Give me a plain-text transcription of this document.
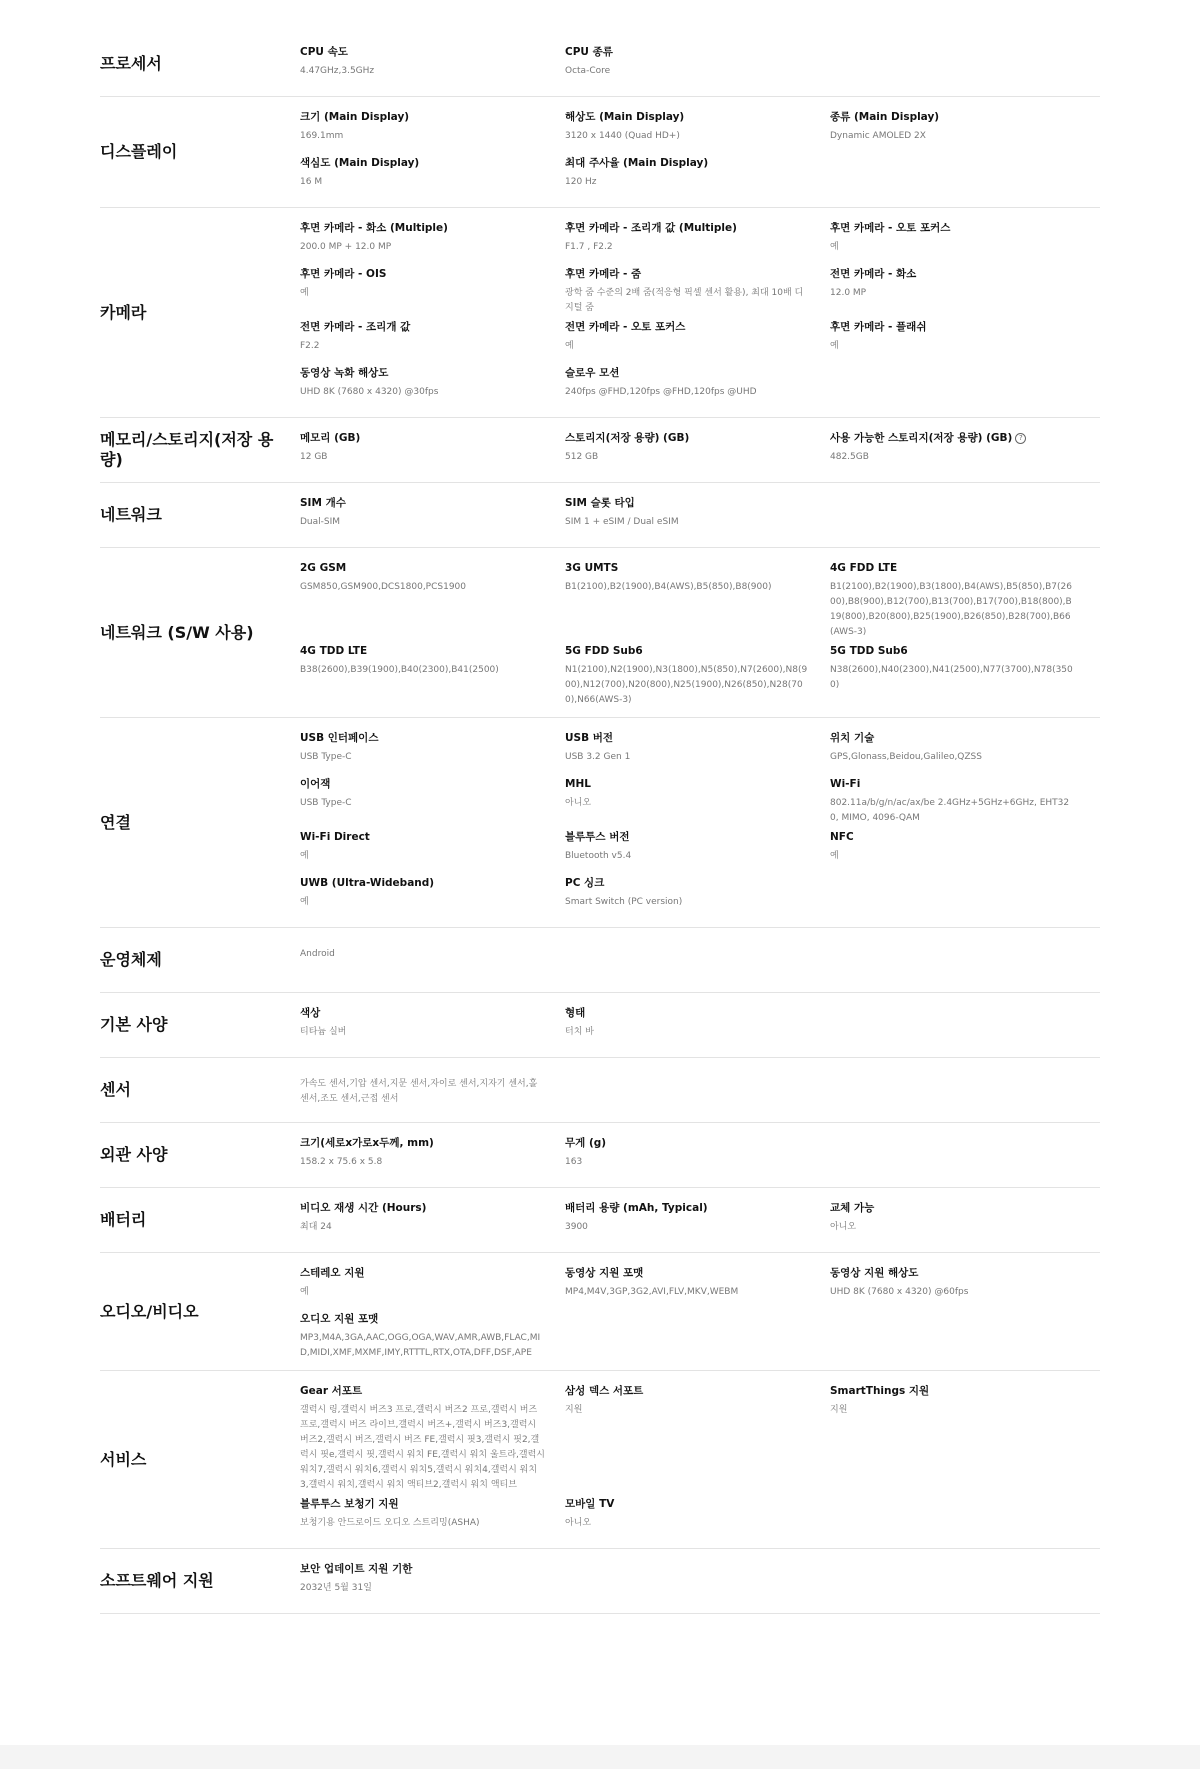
프로세서
CPU 속도
4.47GHz,3.5GHz
CPU 종류
Octa-Core
디스플레이
크기 (Main Display)
169.1mm
해상도 (Main Display)
3120 x 1440 (Quad HD+)
종류 (Main Display)
Dynamic AMOLED 2X
색심도 (Main Display)
16 M
최대 주사율 (Main Display)
120 Hz
카메라
후면 카메라 - 화소 (Multiple)
200.0 MP + 12.0 MP
후면 카메라 - 조리개 값 (Multiple)
F1.7 , F2.2
후면 카메라 - 오토 포커스
예
후면 카메라 - OIS
예
후면 카메라 - 줌
광학 줌 수준의 2배 줌(적응형 픽셀 센서 활용), 최대 10배 디지털 줌
전면 카메라 - 화소
12.0 MP
전면 카메라 - 조리개 값
F2.2
전면 카메라 - 오토 포커스
예
후면 카메라 - 플래쉬
예
동영상 녹화 해상도
UHD 8K (7680 x 4320) @30fps
슬로우 모션
240fps @FHD,120fps @FHD,120fps @UHD
메모리/스토리지(저장 용량)
메모리 (GB)
12 GB
스토리지(저장 용량) (GB)
512 GB
사용 가능한 스토리지(저장 용량) (GB) ?
482.5GB
네트워크
SIM 개수
Dual-SIM
SIM 슬롯 타입
SIM 1 + eSIM / Dual eSIM
네트워크 (S/W 사용)
2G GSM
GSM850,GSM900,DCS1800,PCS1900
3G UMTS
B1(2100),B2(1900),B4(AWS),B5(850),B8(900)
4G FDD LTE
B1(2100),B2(1900),B3(1800),B4(AWS),B5(850),B7(2600),B8(900),B12(700),B13(700),B17(700),B18(800),B19(800),B20(800),B25(1900),B26(850),B28(700),B66(AWS-3)
4G TDD LTE
B38(2600),B39(1900),B40(2300),B41(2500)
5G FDD Sub6
N1(2100),N2(1900),N3(1800),N5(850),N7(2600),N8(900),N12(700),N20(800),N25(1900),N26(850),N28(700),N66(AWS-3)
5G TDD Sub6
N38(2600),N40(2300),N41(2500),N77(3700),N78(3500)
연결
USB 인터페이스
USB Type-C
USB 버전
USB 3.2 Gen 1
위치 기술
GPS,Glonass,Beidou,Galileo,QZSS
이어잭
USB Type-C
MHL
아니오
Wi-Fi
802.11a/b/g/n/ac/ax/be 2.4GHz+5GHz+6GHz, EHT320, MIMO, 4096-QAM
Wi-Fi Direct
예
블루투스 버전
Bluetooth v5.4
NFC
예
UWB (Ultra-Wideband)
예
PC 싱크
Smart Switch (PC version)
운영체제	Android
기본 사양
색상
티타늄 실버
형태
터치 바
센서	가속도 센서,기압 센서,지문 센서,자이로 센서,지자기 센서,홀 센서,조도 센서,근접 센서
외관 사양
크기(세로x가로x두께, mm)
158.2 x 75.6 x 5.8
무게 (g)
163
배터리
비디오 재생 시간 (Hours)
최대 24
배터리 용량 (mAh, Typical)
3900
교체 가능
아니오
오디오/비디오
스테레오 지원
예
동영상 지원 포맷
MP4,M4V,3GP,3G2,AVI,FLV,MKV,WEBM
동영상 지원 해상도
UHD 8K (7680 x 4320) @60fps
오디오 지원 포맷
MP3,M4A,3GA,AAC,OGG,OGA,WAV,AMR,AWB,FLAC,MID,MIDI,XMF,MXMF,IMY,RTTTL,RTX,OTA,DFF,DSF,APE
서비스
Gear 서포트
갤럭시 링,갤럭시 버즈3 프로,갤럭시 버즈2 프로,갤럭시 버즈 프로,갤럭시 버즈 라이브,갤럭시 버즈+,갤럭시 버즈3,갤럭시 버즈2,갤럭시 버즈,갤럭시 버즈 FE,갤럭시 핏3,갤럭시 핏2,갤럭시 핏e,갤럭시 핏,갤럭시 워치 FE,갤럭시 워치 울트라,갤럭시 워치7,갤럭시 워치6,갤럭시 워치5,갤럭시 워치4,갤럭시 워치3,갤럭시 워치,갤럭시 워치 액티브2,갤럭시 워치 액티브
삼성 덱스 서포트
지원
SmartThings 지원
지원
블루투스 보청기 지원
보청기용 안드로이드 오디오 스트리밍(ASHA)
모바일 TV
아니오
소프트웨어 지원
보안 업데이트 지원 기한
2032년 5월 31일
